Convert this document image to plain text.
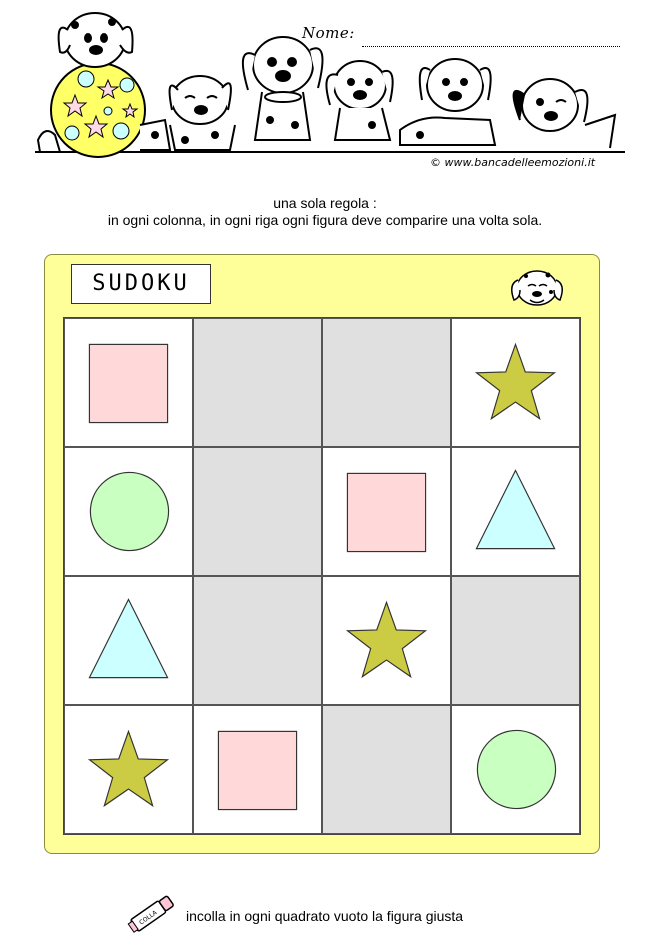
Nome:
© www.bancadelleemozioni.it
una sola regola :
in ogni colonna, in ogni riga ogni figura deve comparire una volta sola.
SUDOKU
COLLA incolla in ogni quadrato vuoto la figura giusta
